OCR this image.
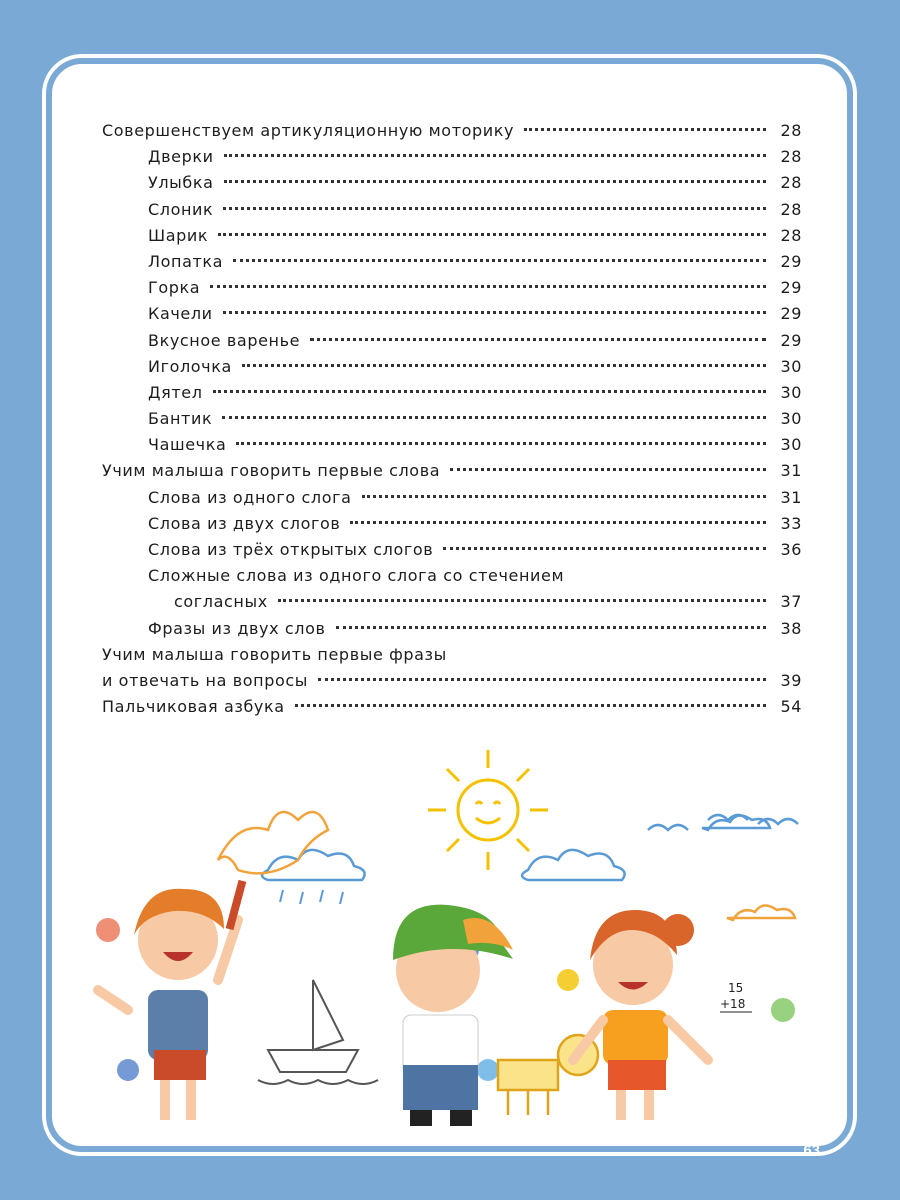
Совершенствуем артикуляционную моторику	28
Дверки	28
Улыбка	28
Слоник	28
Шарик	28
Лопатка	29
Горка	29
Качели	29
Вкусное варенье	29
Иголочка	30
Дятел	30
Бантик	30
Чашечка	30
Учим малыша говорить первые слова	31
Слова из одного слога	31
Слова из двух слогов	33
Слова из трёх открытых слогов	36
Сложные слова из одного слога со стечением
согласных	37
Фразы из двух слов	38
Учим малыша говорить первые фразы
и отвечать на вопросы	39
Пальчиковая азбука	54
15
+18
63
